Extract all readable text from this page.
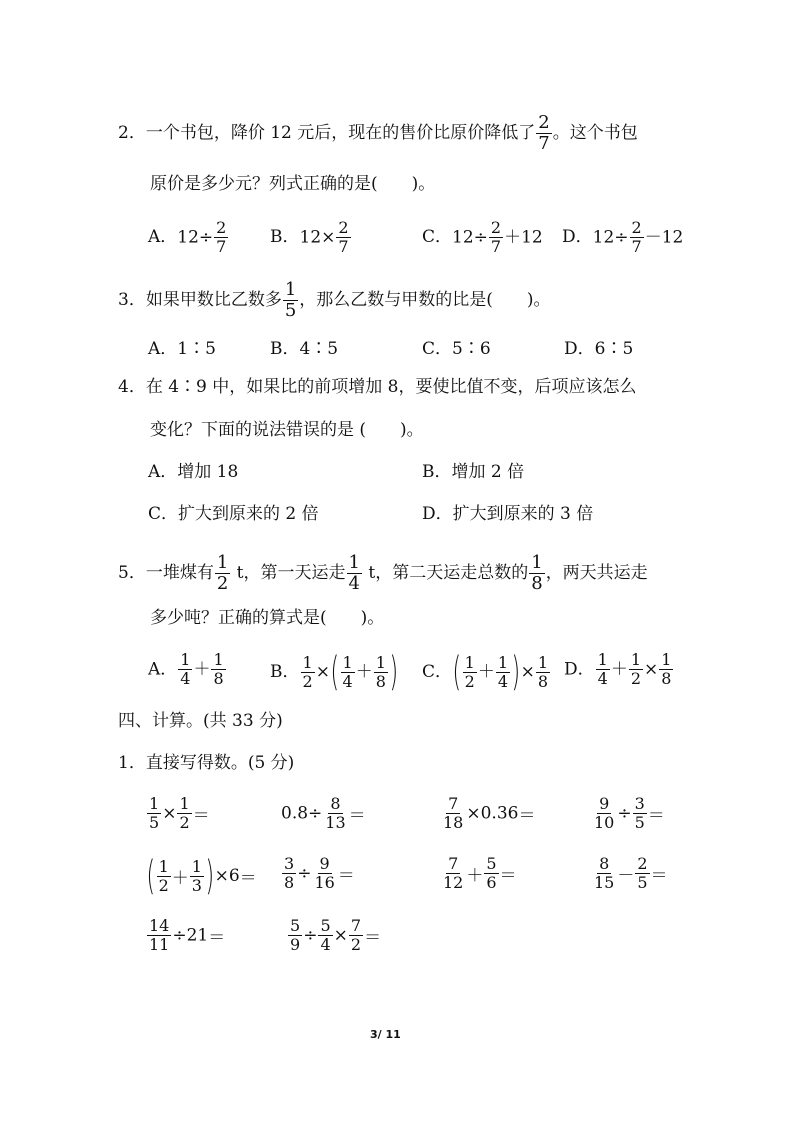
2．一个书包，降价 12 元后，现在的售价比原价降低了 $\frac{2}{7}$ 。这个书包
原价是多少元？列式正确的是(　　)。
A．$12\div \frac{2}{7}$ B．$12\times \frac{2}{7}$	C．$12\div \frac{2}{7} +12$ D．$12\div \frac{2}{7} -12$
3．如果甲数比乙数多 $\frac{1}{5}$ ，那么乙数与甲数的比是(　　)。
A．1∶5	B．4∶5	C．5∶6	D．6∶5
4．在 4∶9 中，如果比的前项增加 8，要使比值不变，后项应该怎么
变化？下面的说法错误的是 (　　)。
A．增加 18	B．增加 2 倍
C．扩大到原来的 2 倍	D．扩大到原来的 3 倍
5．一堆煤有 $\frac{1}{2}$ t，第一天运走 $\frac{1}{4}$ t，第二天运走总数的 $\frac{1}{8}$ ，两天共运走
多少吨？正确的算式是(　　)。
A． $\frac{1}{4} + \frac{1}{8}$	B． $\frac{1}{2}$ ×( $\frac{1}{4} + \frac{1}{8}$ ) C．( $\frac{1}{2} + \frac{1}{4}$ )× $\frac{1}{8}$ D． $\frac{1}{4} + \frac{1}{2} \times \frac{1}{8}$
四、计算。(共 33 分)
1．直接写得数。(5 分)
$\frac{1}{5} \times \frac{1}{2}$ ＝	$0.8\div \frac{8}{13}$ ＝	$\frac{7}{18} \times 0.36=$	$\frac{9}{10} \div \frac{3}{5}$ ＝
( $\frac{1}{2} + \frac{1}{3} )\times 6= \frac{3}{8} \div \frac{9}{16}$ ＝	$\frac{7}{12} + \frac{5}{6}$ ＝	$\frac{8}{15} - \frac{2}{5}$ ＝
$\frac{14}{11} \div 21=$	$\frac{5}{9} \div \frac{5}{4} \times \frac{7}{2}$ ＝
3/ 11
